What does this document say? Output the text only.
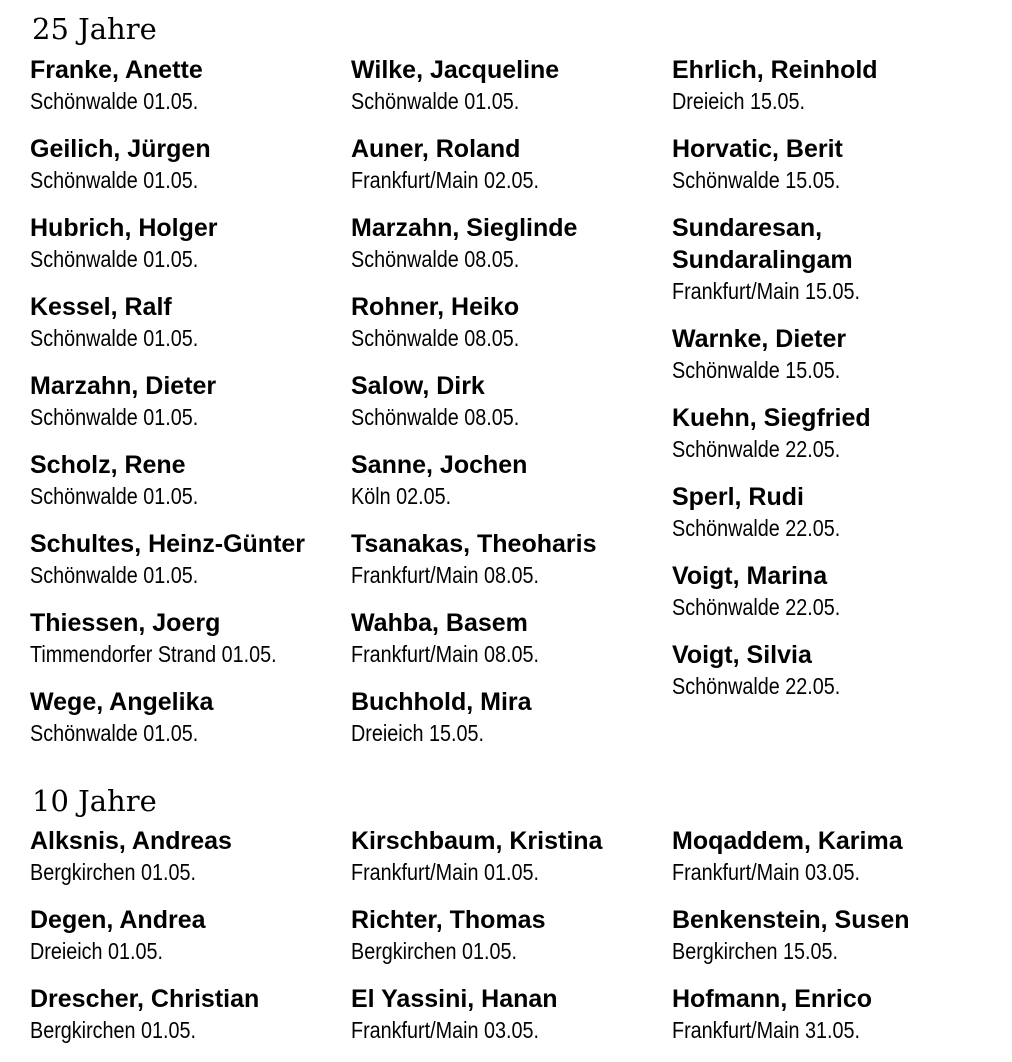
25 Jahre
Franke, Anette
Schönwalde 01.05.
Geilich, Jürgen
Schönwalde 01.05.
Hubrich, Holger
Schönwalde 01.05.
Kessel, Ralf
Schönwalde 01.05.
Marzahn, Dieter
Schönwalde 01.05.
Scholz, Rene
Schönwalde 01.05.
Schultes, Heinz-Günter
Schönwalde 01.05.
Thiessen, Joerg
Timmendorfer Strand 01.05.
Wege, Angelika
Schönwalde 01.05.
Wilke, Jacqueline
Schönwalde 01.05.
Auner, Roland
Frankfurt/Main 02.05.
Marzahn, Sieglinde
Schönwalde 08.05.
Rohner, Heiko
Schönwalde 08.05.
Salow, Dirk
Schönwalde 08.05.
Sanne, Jochen
Köln 02.05.
Tsanakas, Theoharis
Frankfurt/Main 08.05.
Wahba, Basem
Frankfurt/Main 08.05.
Buchhold, Mira
Dreieich 15.05.
Ehrlich, Reinhold
Dreieich 15.05.
Horvatic, Berit
Schönwalde 15.05.
Sundaresan, Sundaralingam
Frankfurt/Main 15.05.
Warnke, Dieter
Schönwalde 15.05.
Kuehn, Siegfried
Schönwalde 22.05.
Sperl, Rudi
Schönwalde 22.05.
Voigt, Marina
Schönwalde 22.05.
Voigt, Silvia
Schönwalde 22.05.
10 Jahre
Alksnis, Andreas
Bergkirchen 01.05.
Degen, Andrea
Dreieich 01.05.
Drescher, Christian
Bergkirchen 01.05.
Kirschbaum, Kristina
Frankfurt/Main 01.05.
Richter, Thomas
Bergkirchen 01.05.
El Yassini, Hanan
Frankfurt/Main 03.05.
Moqaddem, Karima
Frankfurt/Main 03.05.
Benkenstein, Susen
Bergkirchen 15.05.
Hofmann, Enrico
Frankfurt/Main 31.05.
